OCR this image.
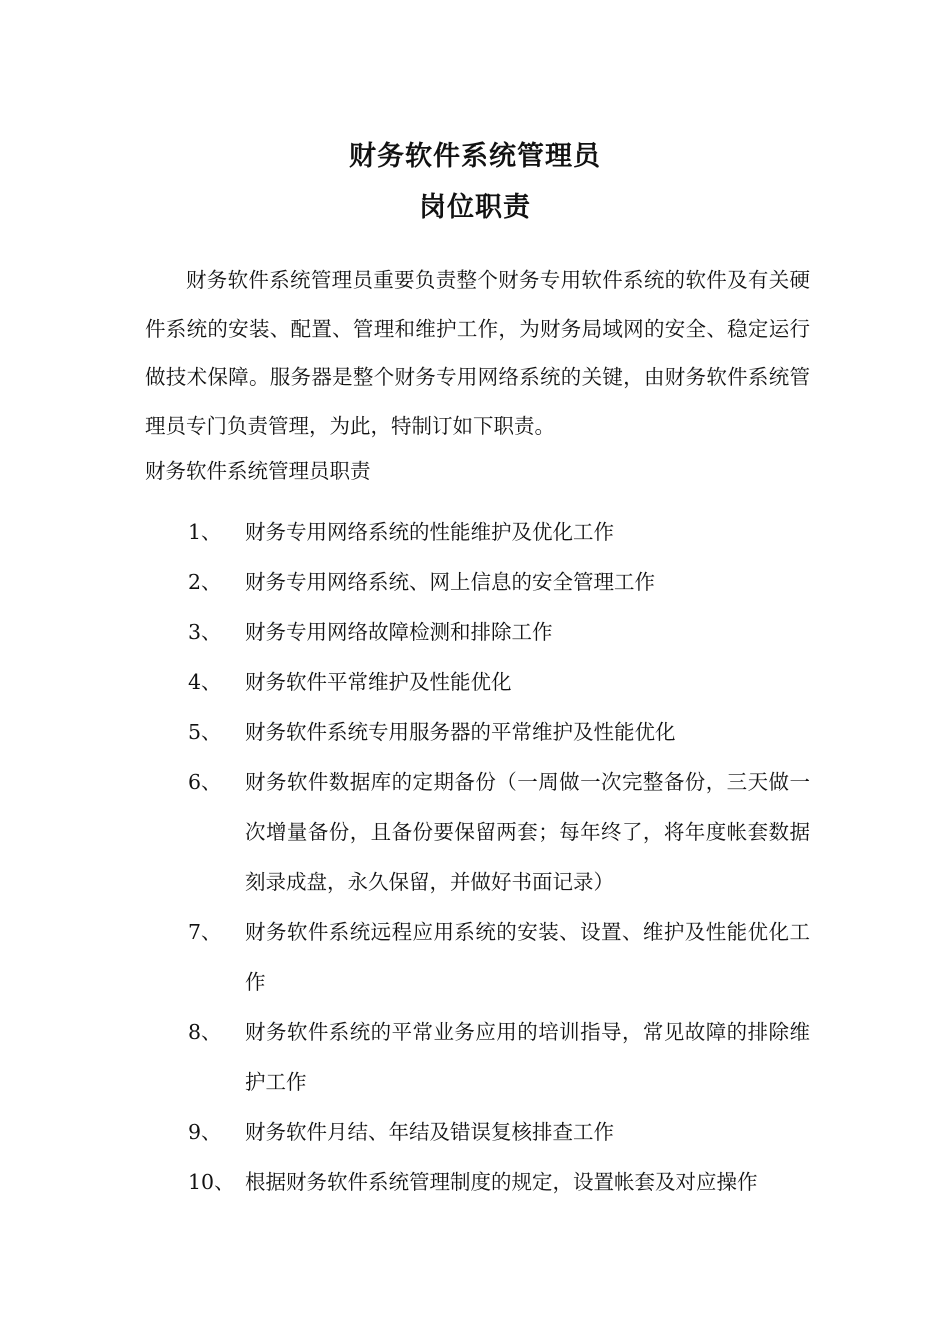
财务软件系统管理员
岗位职责

财务软件系统管理员重要负责整个财务专用软件系统的软件及有关硬件系统的安装、配置、管理和维护工作，为财务局域网的安全、稳定运行做技术保障。服务器是整个财务专用网络系统的关键，由财务软件系统管理员专门负责管理，为此，特制订如下职责。

财务软件系统管理员职责

1、 财务专用网络系统的性能维护及优化工作
2、 财务专用网络系统、网上信息的安全管理工作
3、 财务专用网络故障检测和排除工作
4、 财务软件平常维护及性能优化
5、 财务软件系统专用服务器的平常维护及性能优化
6、 财务软件数据库的定期备份（一周做一次完整备份，三天做一次增量备份，且备份要保留两套；每年终了，将年度帐套数据刻录成盘，永久保留，并做好书面记录）
7、 财务软件系统远程应用系统的安装、设置、维护及性能优化工作
8、 财务软件系统的平常业务应用的培训指导，常见故障的排除维护工作
9、 财务软件月结、年结及错误复核排查工作
10、 根据财务软件系统管理制度的规定，设置帐套及对应操作
